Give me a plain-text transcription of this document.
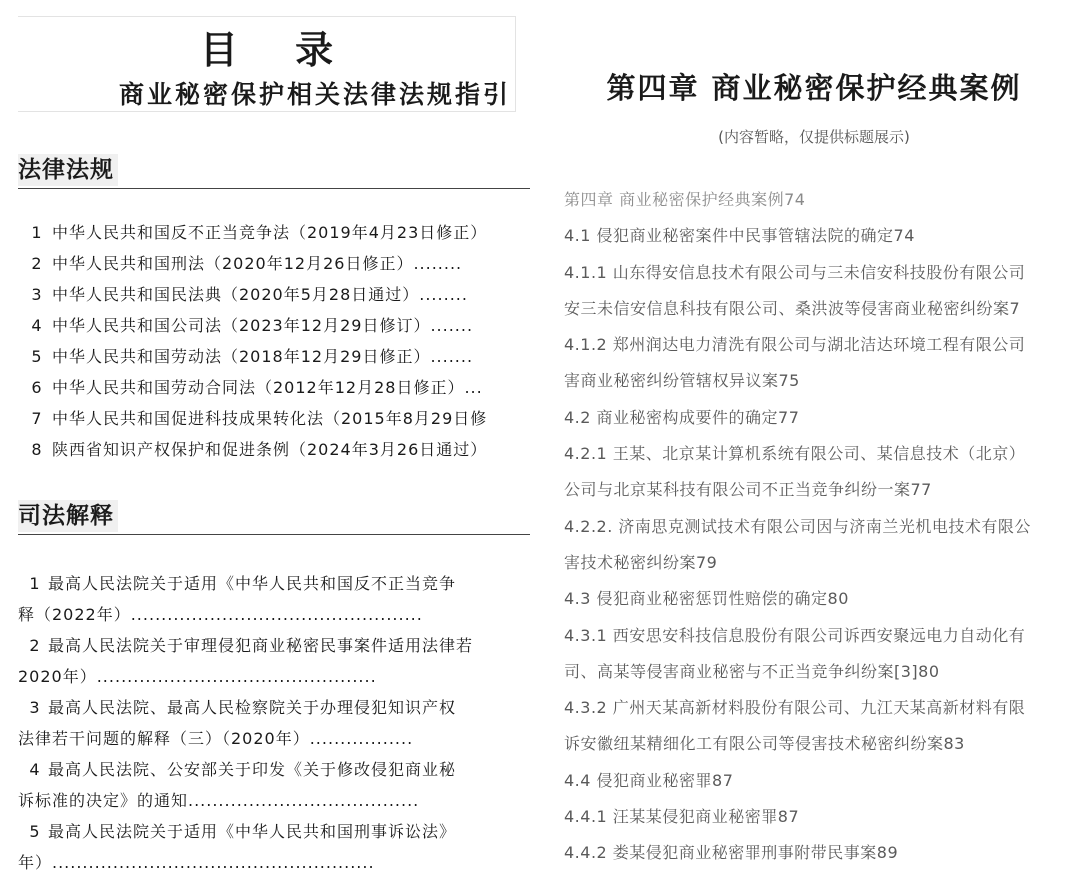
目 录
商业秘密保护相关法律法规指引
法律法规
1 中华人民共和国反不正当竞争法（2019年4月23日修正）
2 中华人民共和国刑法（2020年12月26日修正）........
3 中华人民共和国民法典（2020年5月28日通过）........
4 中华人民共和国公司法（2023年12月29日修订）.......
5 中华人民共和国劳动法（2018年12月29日修正）.......
6 中华人民共和国劳动合同法（2012年12月28日修正）...
7 中华人民共和国促进科技成果转化法（2015年8月29日修
8 陕西省知识产权保护和促进条例（2024年3月26日通过）
司法解释
1 最高人民法院关于适用《中华人民共和国反不正当竞争
释（2022年）................................................
2 最高人民法院关于审理侵犯商业秘密民事案件适用法律若
2020年）..............................................
3 最高人民法院、最高人民检察院关于办理侵犯知识产权
法律若干问题的解释（三）（2020年）.................
4 最高人民法院、公安部关于印发《关于修改侵犯商业秘
诉标准的决定》的通知......................................
5 最高人民法院关于适用《中华人民共和国刑事诉讼法》
年）.....................................................
第四章 商业秘密保护经典案例
(内容暂略，仅提供标题展示)
第四章 商业秘密保护经典案例74
4.1 侵犯商业秘密案件中民事管辖法院的确定74
4.1.1 山东得安信息技术有限公司与三未信安科技股份有限公司
安三未信安信息科技有限公司、桑洪波等侵害商业秘密纠纷案7
4.1.2 郑州润达电力清洗有限公司与湖北洁达环境工程有限公司
害商业秘密纠纷管辖权异议案75
4.2 商业秘密构成要件的确定77
4.2.1 王某、北京某计算机系统有限公司、某信息技术（北京）
公司与北京某科技有限公司不正当竞争纠纷一案77
4.2.2. 济南思克测试技术有限公司因与济南兰光机电技术有限公
害技术秘密纠纷案79
4.3 侵犯商业秘密惩罚性赔偿的确定80
4.3.1 西安思安科技信息股份有限公司诉西安聚远电力自动化有
司、高某等侵害商业秘密与不正当竞争纠纷案[3]80
4.3.2 广州天某高新材料股份有限公司、九江天某高新材料有限
诉安徽纽某精细化工有限公司等侵害技术秘密纠纷案83
4.4 侵犯商业秘密罪87
4.4.1 汪某某侵犯商业秘密罪87
4.4.2 娄某侵犯商业秘密罪刑事附带民事案89
